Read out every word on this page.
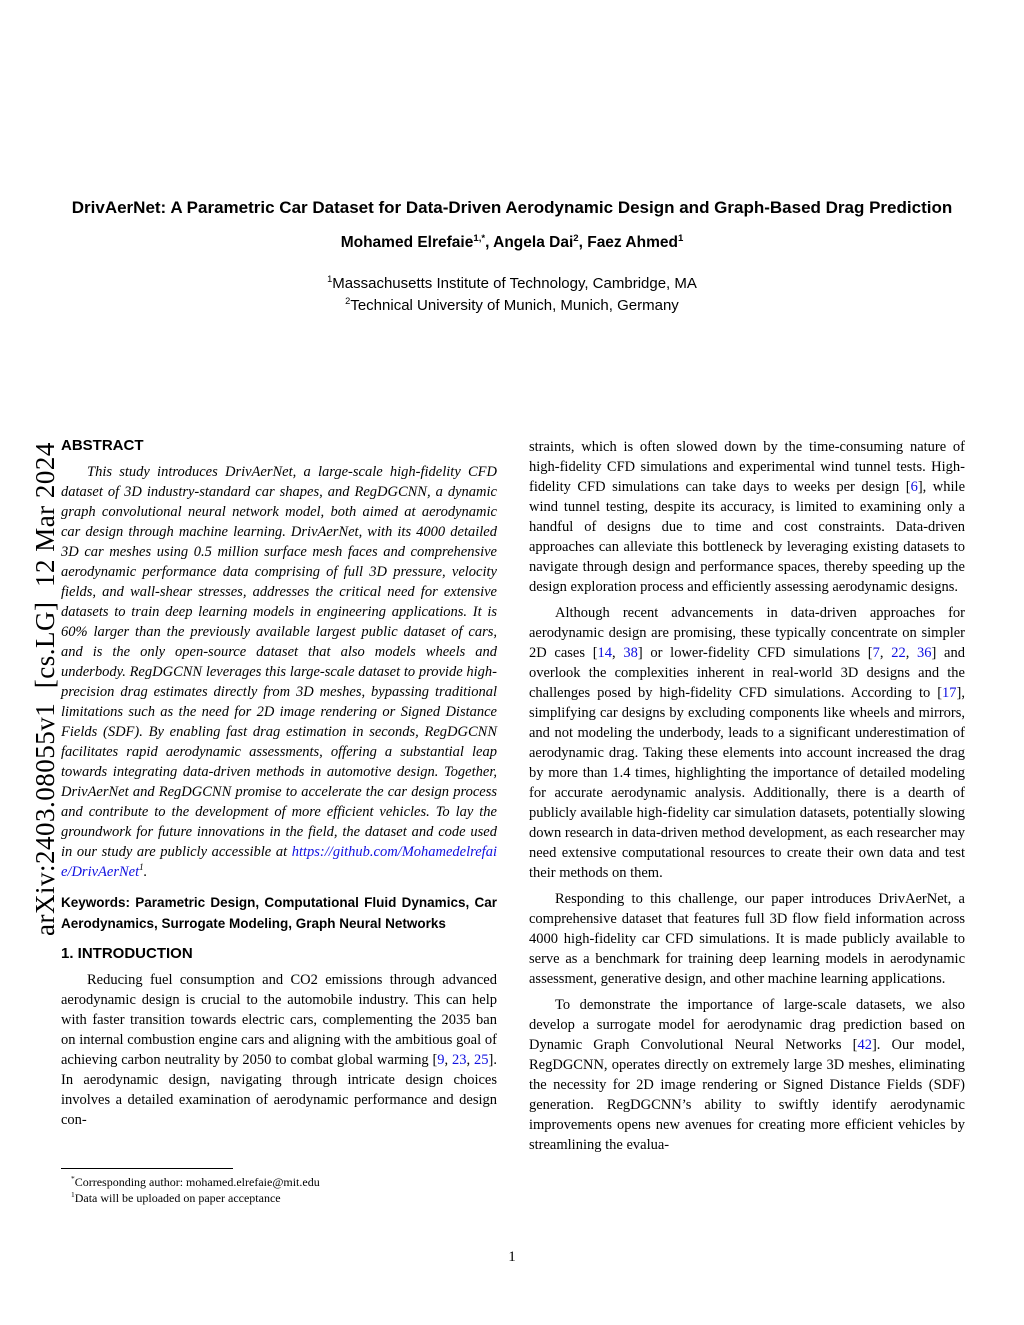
arXiv:2403.08055v1  [cs.LG]  12 Mar 2024
DrivAerNet: A Parametric Car Dataset for Data-Driven Aerodynamic Design and Graph-Based Drag Prediction
Mohamed Elrefaie$^{1,*}$, Angela Dai$^2$, Faez Ahmed$^1$
$^1$Massachusetts Institute of Technology, Cambridge, MA
$^2$Technical University of Munich, Munich, Germany
ABSTRACT

This study introduces DrivAerNet, a large-scale high-fidelity CFD dataset of 3D industry-standard car shapes, and RegDGCNN, a dynamic graph convolutional neural network model, both aimed at aerodynamic car design through machine learning. DrivAerNet, with its 4000 detailed 3D car meshes using 0.5 million surface mesh faces and comprehensive aerodynamic performance data comprising of full 3D pressure, velocity fields, and wall-shear stresses, addresses the critical need for extensive datasets to train deep learning models in engineering applications. It is 60% larger than the previously available largest public dataset of cars, and is the only open-source dataset that also models wheels and underbody. RegDGCNN leverages this large-scale dataset to provide high-precision drag estimates directly from 3D meshes, bypassing traditional limitations such as the need for 2D image rendering or Signed Distance Fields (SDF). By enabling fast drag estimation in seconds, RegDGCNN facilitates rapid aerodynamic assessments, offering a substantial leap towards integrating data-driven methods in automotive design. Together, DrivAerNet and RegDGCNN promise to accelerate the car design process and contribute to the development of more efficient vehicles. To lay the groundwork for future innovations in the field, the dataset and code used in our study are publicly accessible at https://github.com/Mohamedelrefaie/DrivAerNet$^1$.

Keywords: Parametric Design, Computational Fluid Dynamics, Car Aerodynamics, Surrogate Modeling, Graph Neural Networks

1. INTRODUCTION

Reducing fuel consumption and CO2 emissions through advanced aerodynamic design is crucial to the automobile industry. This can help with faster transition towards electric cars, complementing the 2035 ban on internal combustion engine cars and aligning with the ambitious goal of achieving carbon neutrality by 2050 to combat global warming [9, 23, 25]. In aerodynamic design, navigating through intricate design choices involves a detailed examination of aerodynamic performance and design con-

straints, which is often slowed down by the time-consuming nature of high-fidelity CFD simulations and experimental wind tunnel tests. High-fidelity CFD simulations can take days to weeks per design [6], while wind tunnel testing, despite its accuracy, is limited to examining only a handful of designs due to time and cost constraints. Data-driven approaches can alleviate this bottleneck by leveraging existing datasets to navigate through design and performance spaces, thereby speeding up the design exploration process and efficiently assessing aerodynamic designs.

Although recent advancements in data-driven approaches for aerodynamic design are promising, these typically concentrate on simpler 2D cases [14, 38] or lower-fidelity CFD simulations [7, 22, 36] and overlook the complexities inherent in real-world 3D designs and the challenges posed by high-fidelity CFD simulations. According to [17], simplifying car designs by excluding components like wheels and mirrors, and not modeling the underbody, leads to a significant underestimation of aerodynamic drag. Taking these elements into account increased the drag by more than 1.4 times, highlighting the importance of detailed modeling for accurate aerodynamic analysis. Additionally, there is a dearth of publicly available high-fidelity car simulation datasets, potentially slowing down research in data-driven method development, as each researcher may need extensive computational resources to create their own data and test their methods on them.

Responding to this challenge, our paper introduces DrivAerNet, a comprehensive dataset that features full 3D flow field information across 4000 high-fidelity car CFD simulations. It is made publicly available to serve as a benchmark for training deep learning models in aerodynamic assessment, generative design, and other machine learning applications.

To demonstrate the importance of large-scale datasets, we also develop a surrogate model for aerodynamic drag prediction based on Dynamic Graph Convolutional Neural Networks [42]. Our model, RegDGCNN, operates directly on extremely large 3D meshes, eliminating the necessity for 2D image rendering or Signed Distance Fields (SDF) generation. RegDGCNN’s ability to swiftly identify aerodynamic improvements opens new avenues for creating more efficient vehicles by streamlining the evalua-

*Corresponding author: mohamed.elrefaie@mit.edu

$^1$Data will be uploaded on paper acceptance

1
